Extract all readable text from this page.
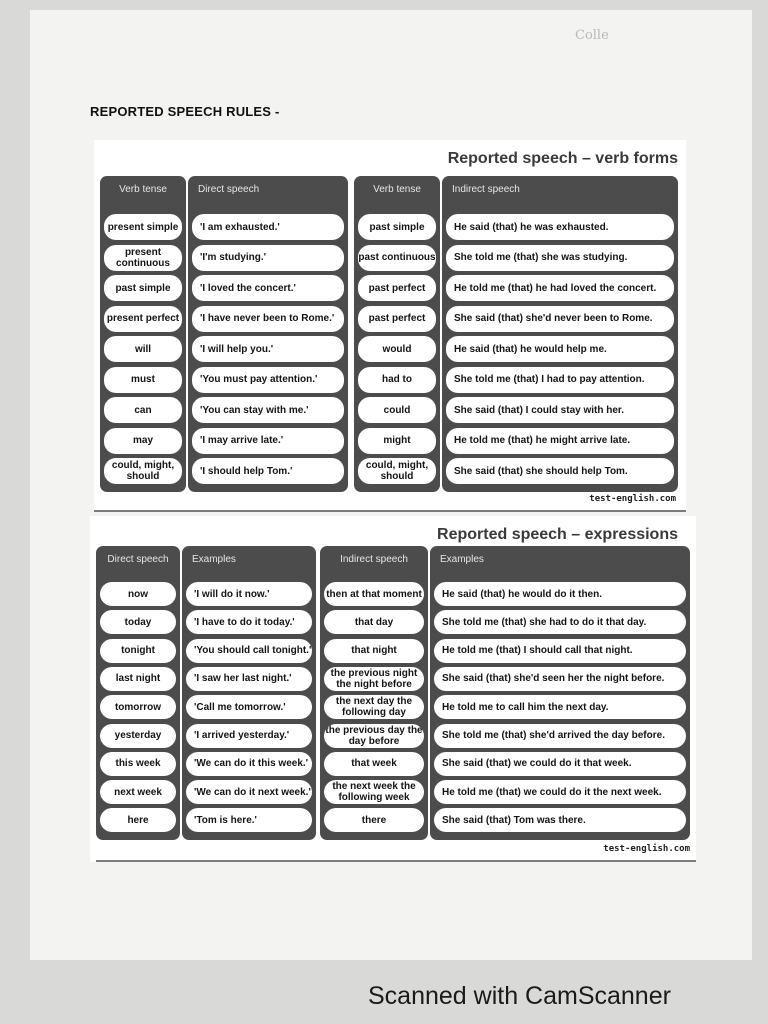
Colle
REPORTED SPEECH RULES -
Reported speech – verb forms
Verb tense
present simple
present continuous
past simple
present perfect
will
must
can
may
could, might, should
Direct speech
'I am exhausted.'
'I'm studying.'
'I loved the concert.'
'I have never been to Rome.'
'I will help you.'
'You must pay attention.'
'You can stay with me.'
'I may arrive late.'
'I should help Tom.'
Verb tense
past simple
past continuous
past perfect
past perfect
would
had to
could
might
could, might, should
Indirect speech
He said (that) he was exhausted.
She told me (that) she was studying.
He told me (that) he had loved the concert.
She said (that) she'd never been to Rome.
He said (that) he would help me.
She told me (that) I had to pay attention.
She said (that) I could stay with her.
He told me (that) he might arrive late.
She said (that) she should help Tom.
test-english.com
Reported speech – expressions
Direct speech
now
today
tonight
last night
tomorrow
yesterday
this week
next week
here
Examples
'I will do it now.'
'I have to do it today.'
'You should call tonight.'
'I saw her last night.'
'Call me tomorrow.'
'I arrived yesterday.'
'We can do it this week.'
'We can do it next week.'
'Tom is here.'
Indirect speech
then at that moment
that day
that night
the previous night the night before
the next day the following day
the previous day the day before
that week
the next week the following week
there
Examples
He said (that) he would do it then.
She told me (that) she had to do it that day.
He told me (that) I should call that night.
She said (that) she'd seen her the night before.
He told me to call him the next day.
She told me (that) she'd arrived the day before.
She said (that) we could do it that week.
He told me (that) we could do it the next week.
She said (that) Tom was there.
test-english.com
Scanned with CamScanner
